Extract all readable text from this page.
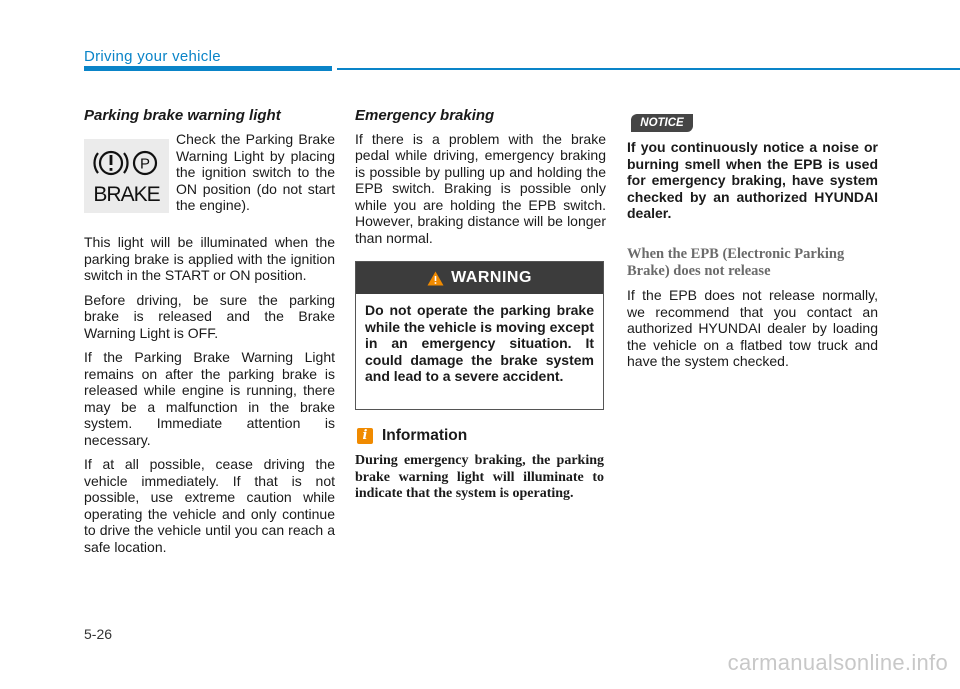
Driving your vehicle
Parking brake warning light
P
BRAKE
Check the Parking Brake Warning Light by placing the ignition switch to the ON position (do not start the engine).

This light will be illuminated when the parking brake is applied with the ignition switch in the START or ON position.

Before driving, be sure the parking brake is released and the Brake Warning Light is OFF.

If the Parking Brake Warning Light remains on after the parking brake is released while engine is running, there may be a malfunction in the brake system. Immediate attention is necessary.

If at all possible, cease driving the vehicle immediately. If that is not possible, use extreme caution while operating the vehicle and only continue to drive the vehicle until you can reach a safe location.

Emergency braking

If there is a problem with the brake pedal while driving, emergency braking is possible by pulling up and holding the EPB switch. Braking is possible only while you are holding the EPB switch. However, braking distance will be longer than normal.

WARNING
Do not operate the parking brake while the vehicle is moving except in an emergency situation. It could damage the brake system and lead to a severe accident.
i Information
During emergency braking, the parking brake warning light will illuminate to indicate that the system is operating.
NOTICE
If you continuously notice a noise or burning smell when the EPB is used for emergency braking, have system checked by an authorized HYUNDAI dealer.
When the EPB (Electronic Parking Brake) does not release
If the EPB does not release normally, we recommend that you contact an authorized HYUNDAI dealer by loading the vehicle on a flatbed tow truck and have the system checked.
5-26
carmanualsonline.info
